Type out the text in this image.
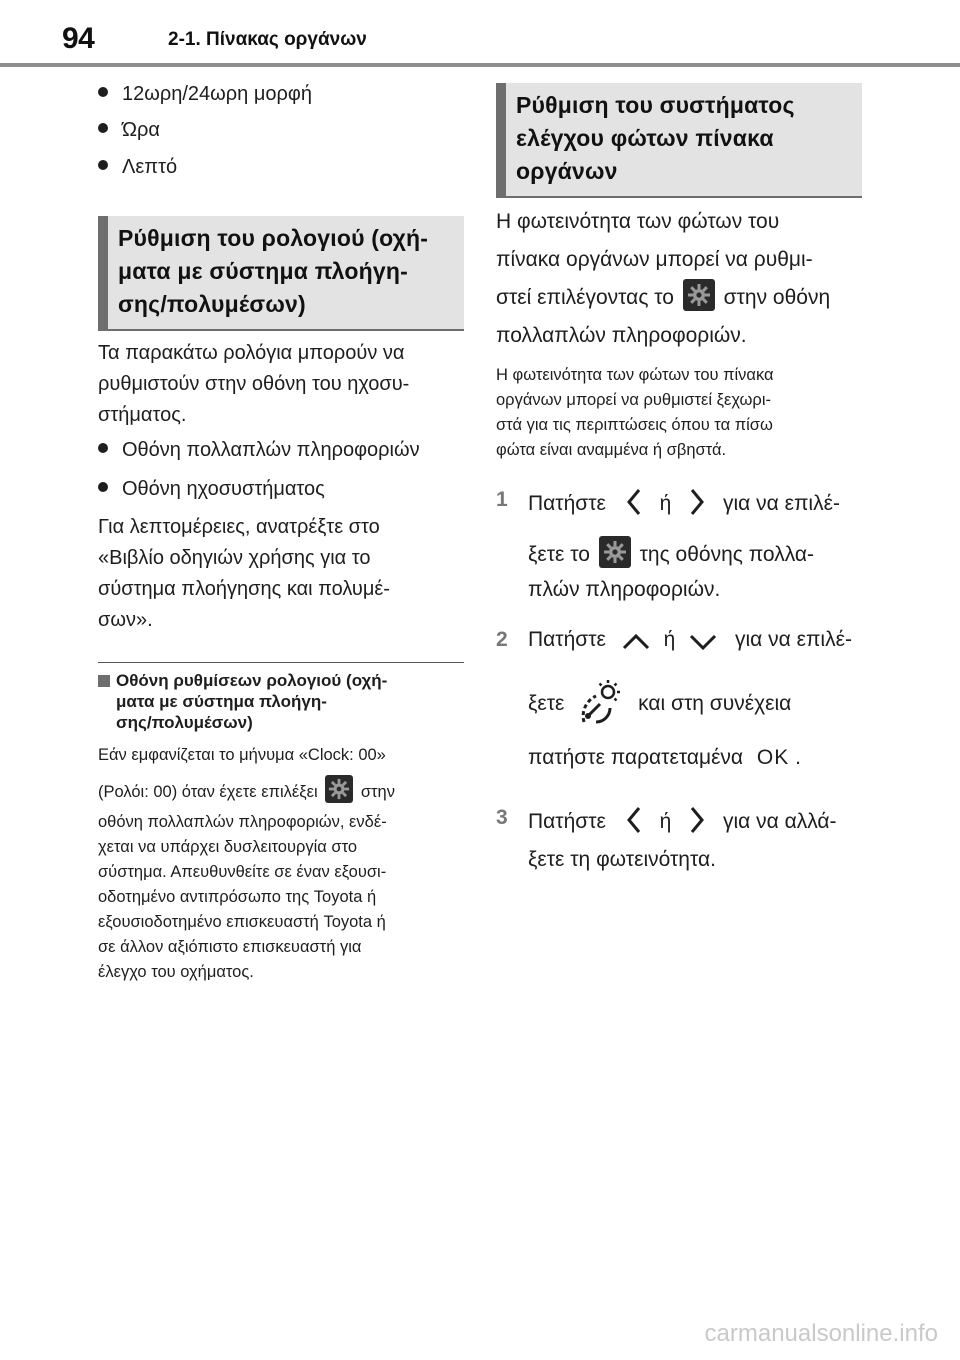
94	2-1. Πίνακας οργάνων
12ωρη/24ωρη μορφή
Ώρα
Λεπτό
Ρύθμιση του ρολογιού (οχή-
ματα με σύστημα πλοήγη-
σης/πολυμέσων)
Τα παρακάτω ρολόγια μπορούν να
ρυθμιστούν στην οθόνη του ηχοσυ-
στήματος.
Οθόνη πολλαπλών πληροφοριών
Οθόνη ηχοσυστήματος
Για λεπτομέρειες, ανατρέξτε στο
«Βιβλίο οδηγιών χρήσης για το
σύστημα πλοήγησης και πολυμέ-
σων».
Οθόνη ρυθμίσεων ρολογιού (οχή-
ματα με σύστημα πλοήγη-
σης/πολυμέσων)
Εάν εμφανίζεται το μήνυμα «Clock: 00»
(Ρολόι: 00) όταν έχετε επιλέξει	στην
οθόνη πολλαπλών πληροφοριών, ενδέ-
χεται να υπάρχει δυσλειτουργία στο
σύστημα. Απευθυνθείτε σε έναν εξουσι-
οδοτημένο αντιπρόσωπο της Toyota ή
εξουσιοδοτημένο επισκευαστή Toyota ή
σε άλλον αξιόπιστο επισκευαστή για
έλεγχο του οχήματος.
Ρύθμιση του συστήματος
ελέγχου φώτων πίνακα
οργάνων
Η φωτεινότητα των φώτων του
πίνακα οργάνων μπορεί να ρυθμι-
στεί επιλέγοντας το στην οθόνη
πολλαπλών πληροφοριών.
Η φωτεινότητα των φώτων του πίνακα
οργάνων μπορεί να ρυθμιστεί ξεχωρι-
στά για τις περιπτώσεις όπου τα πίσω
φώτα είναι αναμμένα ή σβηστά.
1 Πατήστε	ή για να επιλέ-
ξετε το της οθόνης πολλα-
πλών πληροφοριών.
2 Πατήστε	ή	για να επιλέ-
ξετε	και στη συνέχεια
πατήστε παρατεταμένα OK .
3 Πατήστε	ή για να αλλά-
ξετε τη φωτεινότητα.
carmanualsonline.info
